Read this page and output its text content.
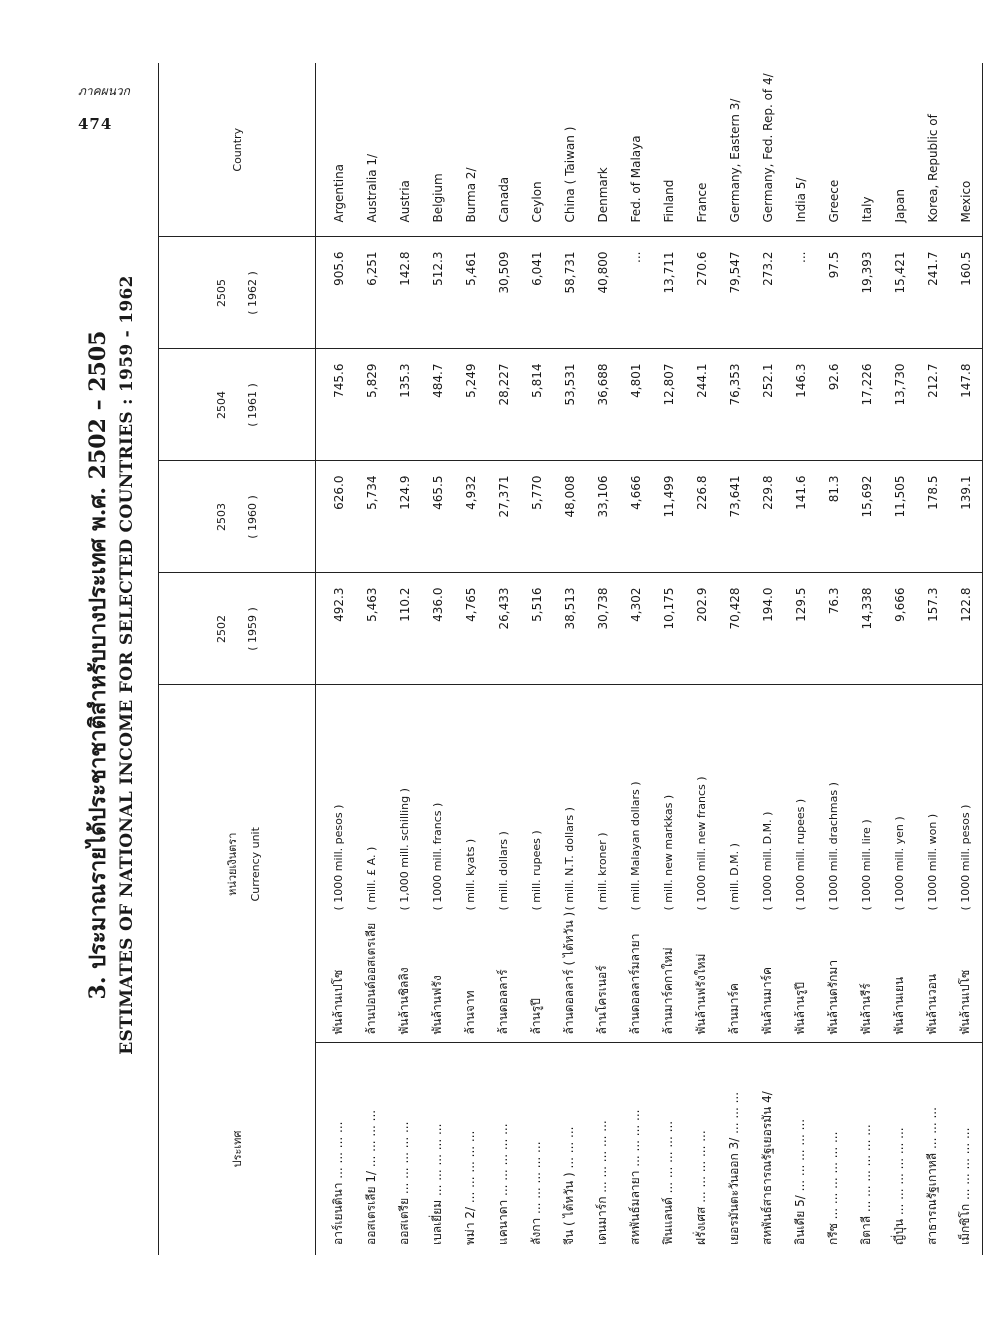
ภาคผนวก
474
3. ประมาณรายได้ประชาชาติสำหรับบางประเทศ พ.ศ. 2502 – 2505 ESTIMATES OF NATIONAL INCOME FOR SELECTED COUNTRIES : 1959 - 1962
ประเทศ	หน่วยเงินตรา Currency unit	2502 ( 1959 )	2503 ( 1960 )	2504 ( 1961 )	2505 ( 1962 )	Country
อาร์เยนตินา ... ... ... ...	พันล้านเปโซ( 1000 mill. pesos )	492.3	626.0	745.6	905.6	Argentina
ออสเตรเลีย 1/ ... ... ... ...	ล้านปอนด์ออสเตรเลีย( mill. £ A. )	5,463	5,734	5,829	6,251	Australia 1/
ออสเตรีย ... ... ... ... ...	พันล้านชิลลิง( 1,000 mill. schilling )	110.2	124.9	135.3	142.8	Austria
เบลเยี่ยม ... ... ... ... ...	พันล้านฟรัง( 1000 mill. francs )	436.0	465.5	484.7	512.3	Belgium
พม่า 2/ ... ... ... ... ...	ล้านจาท( mill. kyats )	4,765	4,932	5,249	5,461	Burma 2/
แคนาดา ... ... ... ... ...	ล้านดอลลาร์( mill. dollars )	26,433	27,371	28,227	30,509	Canada
ลังกา ... ... ... ... ...	ล้านรูปี( mill. rupees )	5,516	5,770	5,814	6,041	Ceylon
จีน ( ไต้หวัน ) ... ... ...	ล้านดอลลาร์ ( ไต้หวัน )( mill. N.T. dollars )	38,513	48,008	53,531	58,731	China ( Taiwan )
เดนมาร์ก ... ... ... ... ...	ล้านโครเนอร์( mill. kroner )	30,738	33,106	36,688	40,800	Denmark
สหพันธ์มลายา ... ... ... ...	ล้านดอลลาร์มลายา( mill. Malayan dollars )	4,302	4,666	4,801	...	Fed. of Malaya
ฟินแลนด์ ... ... ... ... ...	ล้านมาร์คกาใหม่( mill. new markkas )	10,175	11,499	12,807	13,711	Finland
ฝรั่งเศส ... ... ... ... ...	พันล้านฟรังใหม่( 1000 mill. new francs )	202.9	226.8	244.1	270.6	France
เยอรมันตะวันออก 3/ ... ... ...	ล้านมาร์ค( mill. D.M. )	70,428	73,641	76,353	79,547	Germany, Eastern 3/
สหพันธ์สาธารณรัฐเยอรมัน 4/	พันล้านมาร์ค( 1000 mill. D.M. )	194.0	229.8	252.1	273.2	Germany, Fed. Rep. of 4/
อินเดีย 5/ ... ... ... ... ...	พันล้านรูปี( 1000 mill. rupees )	129.5	141.6	146.3	...	India 5/
กรีซ ... ... ... ... ... ...	พันล้านดรักมา( 1000 mill. drachmas )	76.3	81.3	92.6	97.5	Greece
อิตาลี ... ... ... ... ... ...	พันล้านรีร์( 1000 mill. lire )	14,338	15,692	17,226	19,393	Italy
ญี่ปุ่น ... ... ... ... ... ...	พันล้านเยน( 1000 mill. yen )	9,666	11,505	13,730	15,421	Japan
สาธารณรัฐเกาหลี ... ... ...	พันล้านวอน( 1000 mill. won )	157.3	178.5	212.7	241.7	Korea, Republic of
เม็กซิโก ... ... ... ... ...	พันล้านเปโซ( 1000 mill. pesos )	122.8	139.1	147.8	160.5	Mexico
